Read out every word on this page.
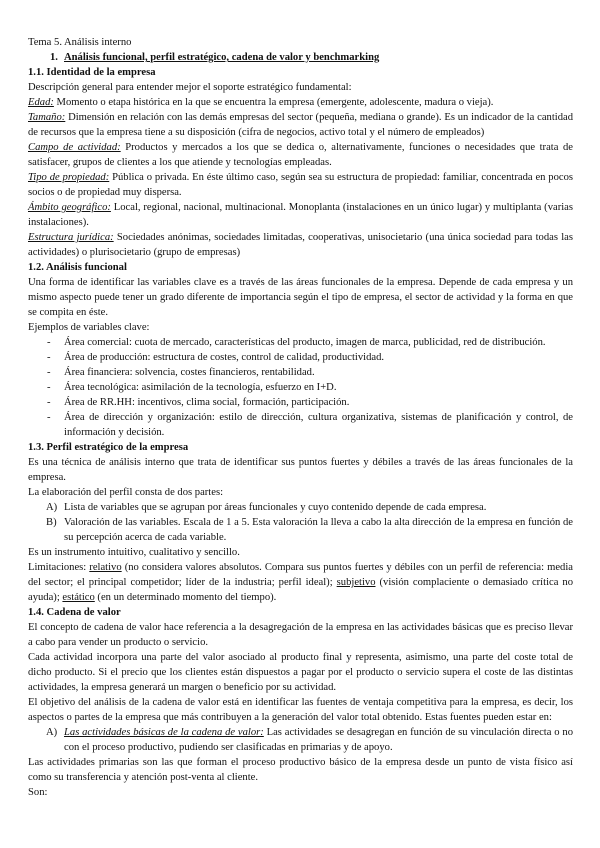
Tema 5. Análisis interno

1. Análisis funcional, perfil estratégico, cadena de valor y benchmarking

1.1. Identidad de la empresa

Descripción general para entender mejor el soporte estratégico fundamental:

Edad: Momento o etapa histórica en la que se encuentra la empresa (emergente, adolescente, madura o vieja).

Tamaño: Dimensión en relación con las demás empresas del sector (pequeña, mediana o grande). Es un indicador de la cantidad de recursos que la empresa tiene a su disposición (cifra de negocios, activo total y el número de empleados)

Campo de actividad: Productos y mercados a los que se dedica o, alternativamente, funciones o necesidades que trata de satisfacer, grupos de clientes a los que atiende y tecnologías empleadas.

Tipo de propiedad: Pública o privada. En éste último caso, según sea su estructura de propiedad: familiar, concentrada en pocos socios o de propiedad muy dispersa.

Ámbito geográfico: Local, regional, nacional, multinacional. Monoplanta (instalaciones en un único lugar) y multiplanta (varias instalaciones).

Estructura jurídica: Sociedades anónimas, sociedades limitadas, cooperativas, unisocietario (una única sociedad para todas las actividades) o plurisocietario (grupo de empresas)

1.2. Análisis funcional

Una forma de identificar las variables clave es a través de las áreas funcionales de la empresa. Depende de cada empresa y un mismo aspecto puede tener un grado diferente de importancia según el tipo de empresa, el sector de actividad y la forma en que se compita en éste.

Ejemplos de variables clave:

- Área comercial: cuota de mercado, características del producto, imagen de marca, publicidad, red de distribución.
- Área de producción: estructura de costes, control de calidad, productividad.
- Área financiera: solvencia, costes financieros, rentabilidad.
- Área tecnológica: asimilación de la tecnología, esfuerzo en I+D.
- Área de RR.HH: incentivos, clima social, formación, participación.
- Área de dirección y organización: estilo de dirección, cultura organizativa, sistemas de planificación y control, de información y decisión.

1.3. Perfil estratégico de la empresa

Es una técnica de análisis interno que trata de identificar sus puntos fuertes y débiles a través de las áreas funcionales de la empresa.

La elaboración del perfil consta de dos partes:

A) Lista de variables que se agrupan por áreas funcionales y cuyo contenido depende de cada empresa.
B) Valoración de las variables. Escala de 1 a 5. Esta valoración la lleva a cabo la alta dirección de la empresa en función de su percepción acerca de cada variable.

Es un instrumento intuitivo, cualitativo y sencillo.

Limitaciones: relativo (no considera valores absolutos. Compara sus puntos fuertes y débiles con un perfil de referencia: media del sector; el principal competidor; líder de la industria; perfil ideal); subjetivo (visión complaciente o demasiado crítica no ayuda); estático (en un determinado momento del tiempo).

1.4. Cadena de valor

El concepto de cadena de valor hace referencia a la desagregación de la empresa en las actividades básicas que es preciso llevar a cabo para vender un producto o servicio.

Cada actividad incorpora una parte del valor asociado al producto final y representa, asimismo, una parte del coste total de dicho producto. Si el precio que los clientes están dispuestos a pagar por el producto o servicio supera el coste de las distintas actividades, la empresa generará un margen o beneficio por su actividad.

El objetivo del análisis de la cadena de valor está en identificar las fuentes de ventaja competitiva para la empresa, es decir, los aspectos o partes de la empresa que más contribuyen a la generación del valor total obtenido. Estas fuentes pueden estar en:

A) Las actividades básicas de la cadena de valor: Las actividades se desagregan en función de su vinculación directa o no con el proceso productivo, pudiendo ser clasificadas en primarias y de apoyo.

Las actividades primarias son las que forman el proceso productivo básico de la empresa desde un punto de vista físico así como su transferencia y atención post-venta al cliente.

Son:
